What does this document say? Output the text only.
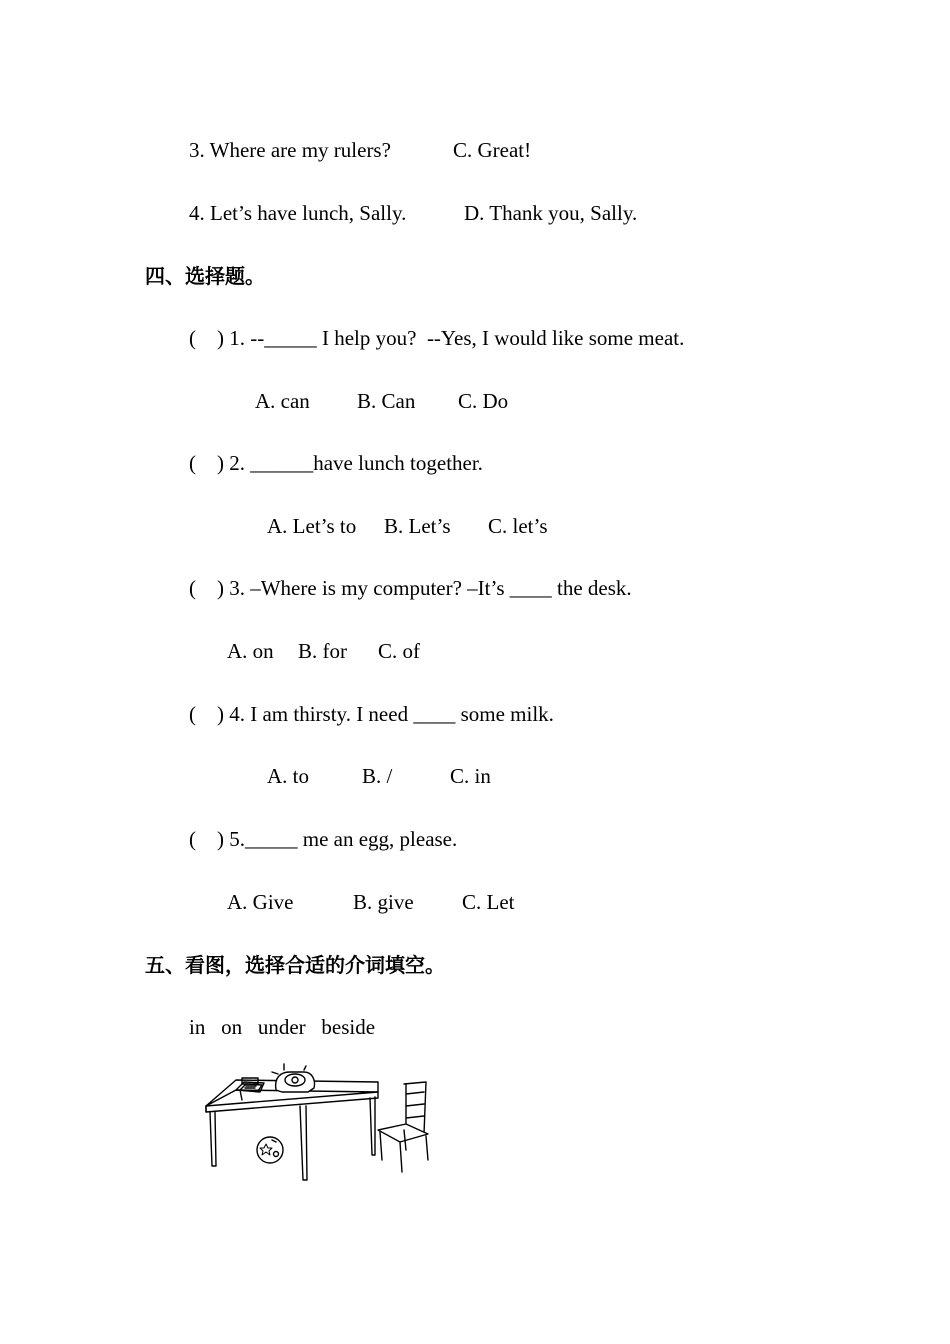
3. Where are my rulers?	C. Great!
4. Let’s have lunch, Sally.	D. Thank you, Sally.
四、选择题。
(    ) 1. --_____ I help you?  --Yes, I would like some meat.
A. can B. Can C. Do
(    ) 2. ______have lunch together.
A. Let’s to B. Let’s C. let’s
(    ) 3. –Where is my computer? –It’s ____ the desk.
A. on B. for C. of
(    ) 4. I am thirsty. I need ____ some milk.
A. to	B. /	C. in
(    ) 5._____ me an egg, please.
A. Give	B. give C. Let
五、看图，选择合适的介词填空。
in   on   under   beside
